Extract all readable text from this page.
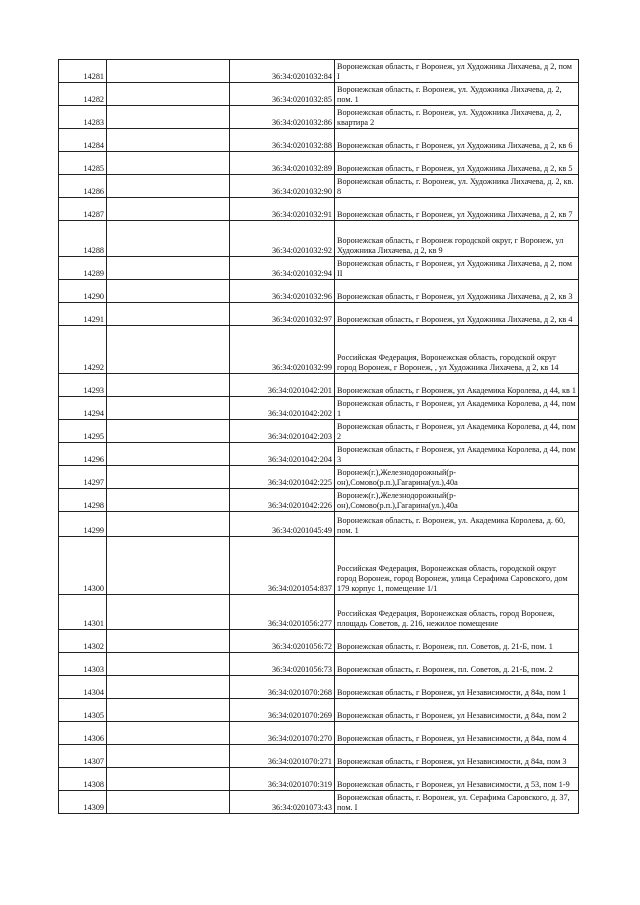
14281		36:34:0201032:84	Воронежская область, г Воронеж, ул Художника Лихачева, д 2, пом I
14282		36:34:0201032:85	Воронежская область, г. Воронеж, ул. Художника Лихачева, д. 2, пом. 1
14283		36:34:0201032:86	Воронежская область, г. Воронеж, ул. Художника Лихачева, д. 2, квартира 2
14284		36:34:0201032:88	Воронежская область, г Воронеж, ул Художника Лихачева, д 2, кв 6
14285		36:34:0201032:89	Воронежская область, г Воронеж, ул Художника Лихачева, д 2, кв 5
14286		36:34:0201032:90	Воронежская область, г. Воронеж, ул. Художника Лихачева, д. 2, кв. 8
14287		36:34:0201032:91	Воронежская область, г Воронеж, ул Художника Лихачева, д 2, кв 7
14288		36:34:0201032:92	Воронежская область, г Воронеж городской округ, г Воронеж, ул Художника Лихачева, д 2, кв 9
14289		36:34:0201032:94	Воронежская область, г Воронеж, ул Художника Лихачева, д 2, пом II
14290		36:34:0201032:96	Воронежская область, г Воронеж, ул Художника Лихачева, д 2, кв 3
14291		36:34:0201032:97	Воронежская область, г Воронеж, ул Художника Лихачева, д 2, кв 4
14292		36:34:0201032:99	Российская Федерация, Воронежская область, городской округ город Воронеж, г Воронеж, , ул Художника Лихачева, д 2, кв 14
14293		36:34:0201042:201	Воронежская область, г Воронеж, ул Академика Королева, д 44, кв 1
14294		36:34:0201042:202	Воронежская область, г Воронеж, ул Академика Королева, д 44, пом 1
14295		36:34:0201042:203	Воронежская область, г Воронеж, ул Академика Королева, д 44, пом 2
14296		36:34:0201042:204	Воронежская область, г Воронеж, ул Академика Королева, д 44, пом 3
14297		36:34:0201042:225	Воронеж(г.),Железнодорожный(р-он),Сомово(р.п.),Гагарина(ул.),40а
14298		36:34:0201042:226	Воронеж(г.),Железнодорожный(р-он),Сомово(р.п.),Гагарина(ул.),40а
14299		36:34:0201045:49	Воронежская область, г. Воронеж, ул. Академика Королева, д. 60, пом. 1
14300		36:34:0201054:837	Российская Федерация, Воронежская область, городской округ город Воронеж, город Воронеж, улица Серафима Саровского, дом 179 корпус 1, помещение 1/1
14301		36:34:0201056:277	Российская Федерация, Воронежская область, город Воронеж, площадь Советов, д. 216, нежилое помещение
14302		36:34:0201056:72	Воронежская область, г. Воронеж, пл. Советов, д. 21-Б, пом. 1
14303		36:34:0201056:73	Воронежская область, г. Воронеж, пл. Советов, д. 21-Б, пом. 2
14304		36:34:0201070:268	Воронежская область, г Воронеж, ул Независимости, д 84а, пом 1
14305		36:34:0201070:269	Воронежская область, г Воронеж, ул Независимости, д 84а, пом 2
14306		36:34:0201070:270	Воронежская область, г Воронеж, ул Независимости, д 84а, пом 4
14307		36:34:0201070:271	Воронежская область, г Воронеж, ул Независимости, д 84а, пом 3
14308		36:34:0201070:319	Воронежская область, г Воронеж, ул Независимости, д 53, пом 1-9
14309		36:34:0201073:43	Воронежская область, г. Воронеж, ул. Серафима Саровского, д. 37, пом. I
